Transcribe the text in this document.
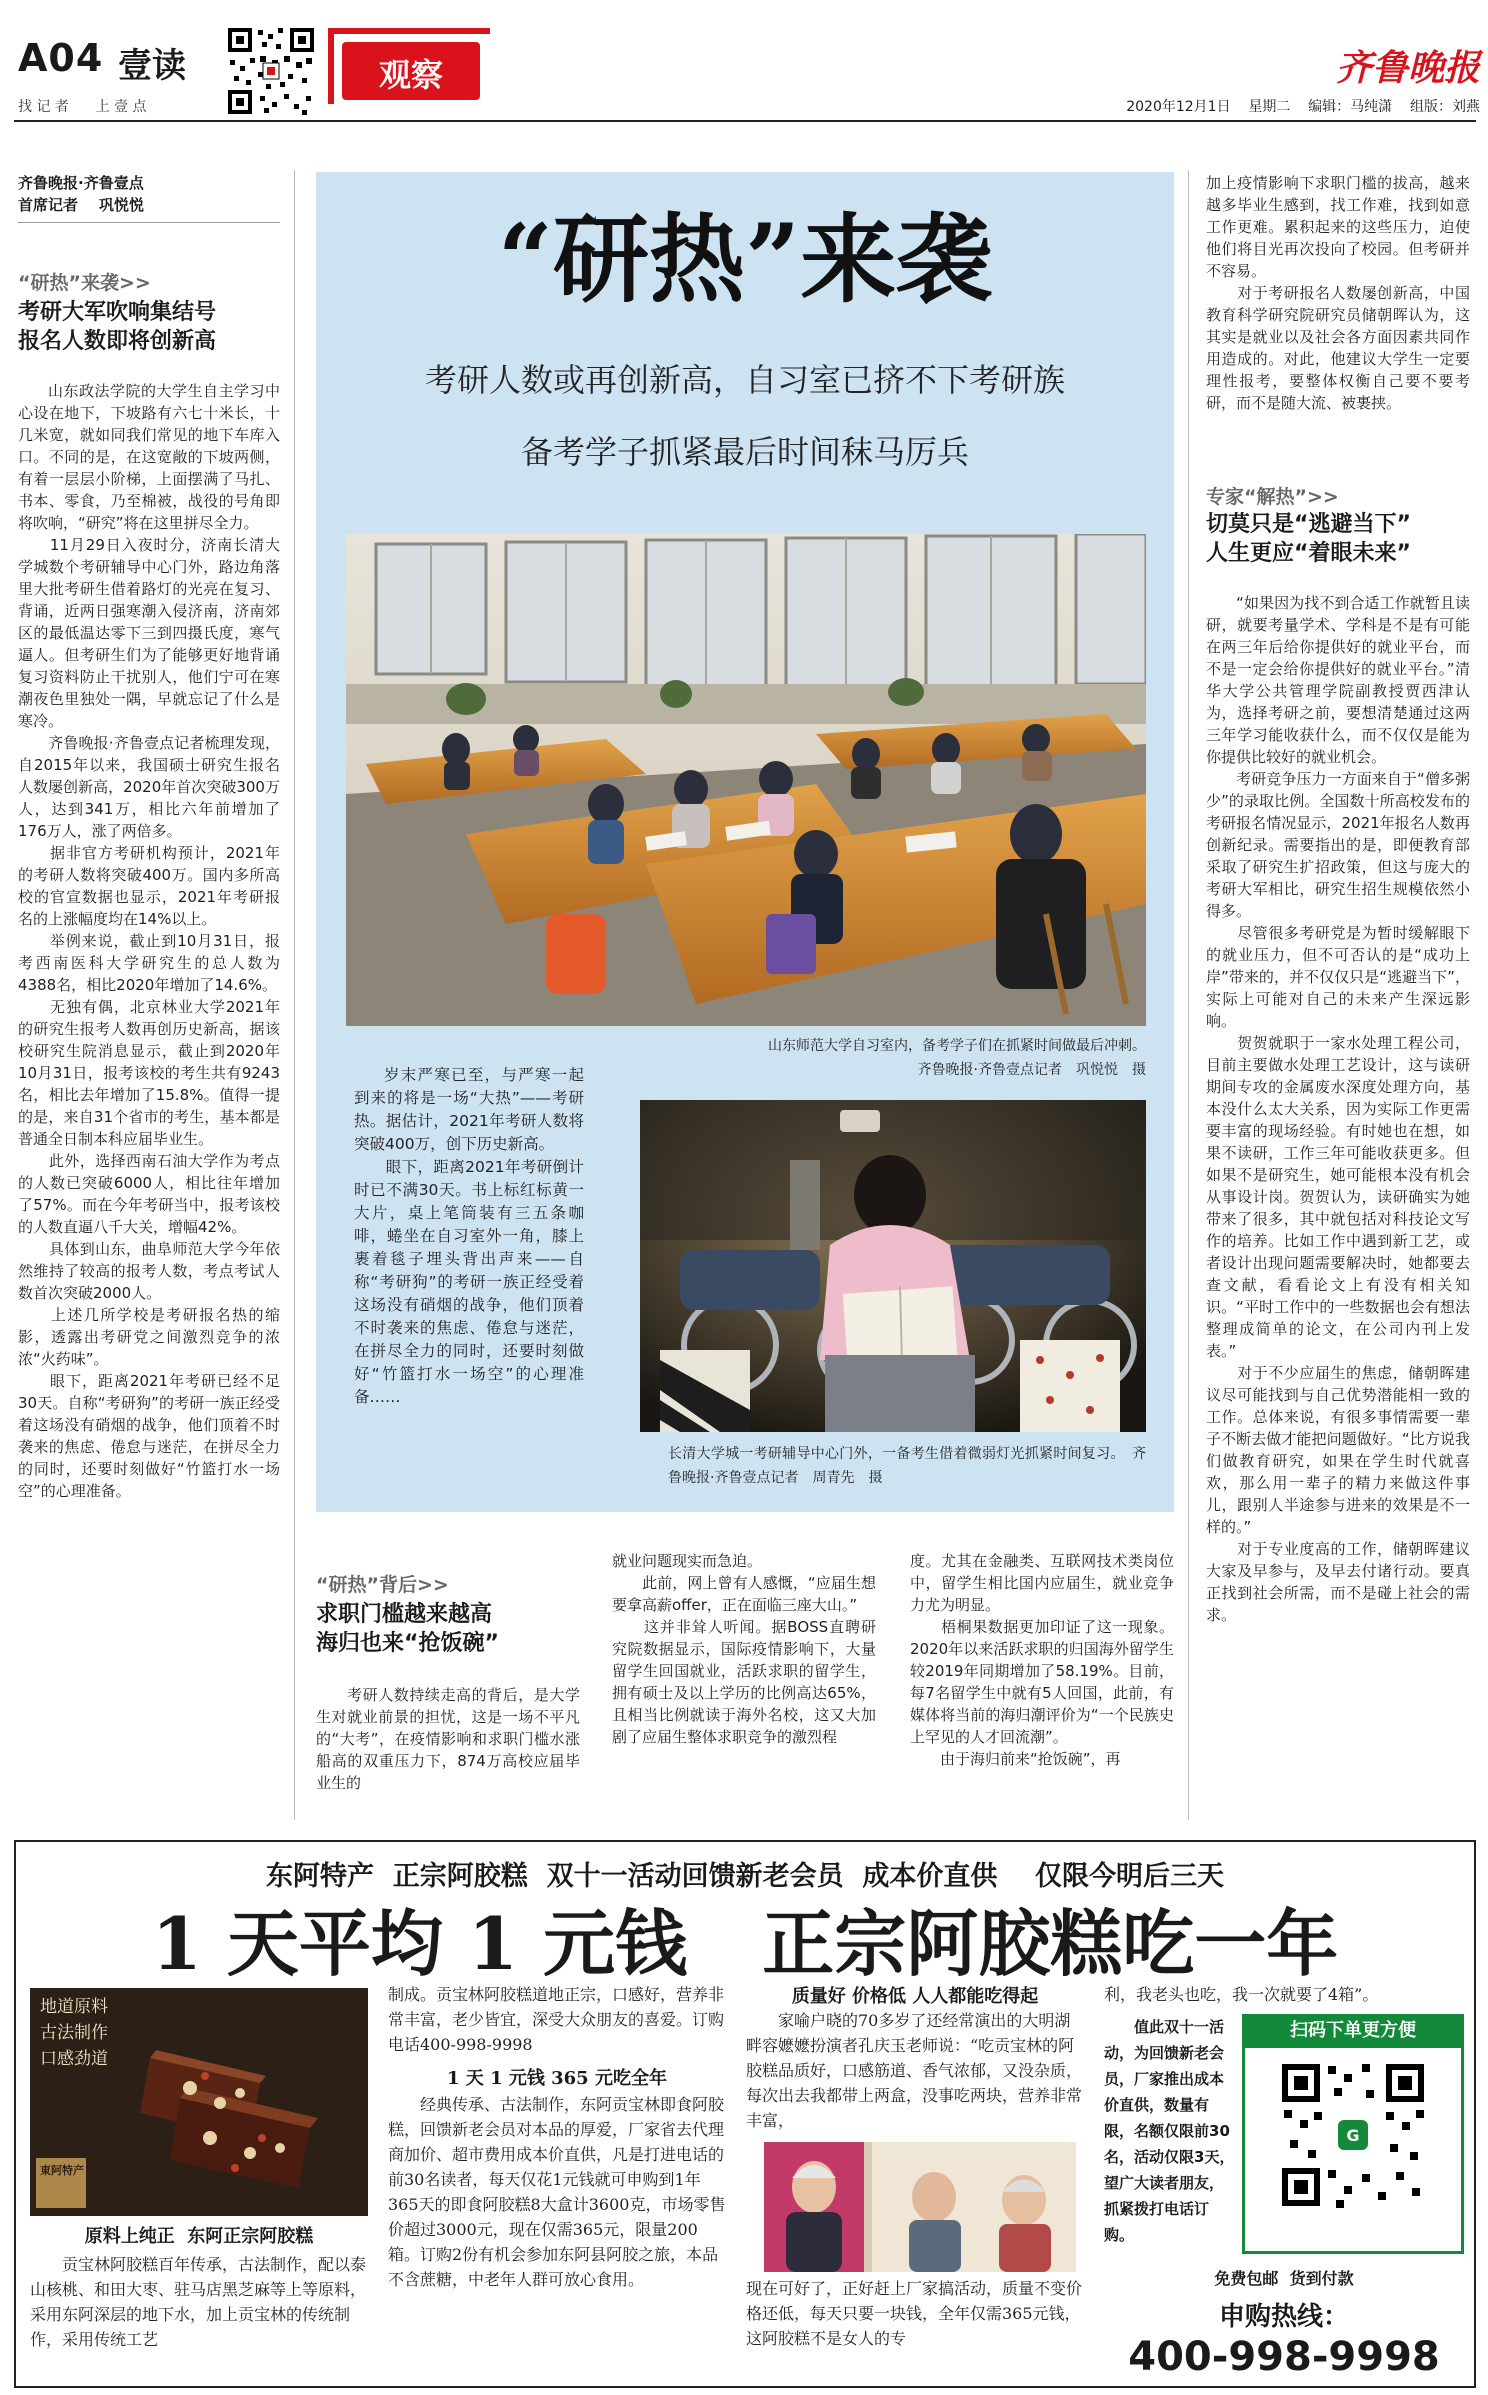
A04 壹读
找 记 者      上 壹 点
观察	齐鲁晚报
2020年12月1日    星期二    编辑：马纯潇    组版：刘燕
齐鲁晚报·齐鲁壹点
首席记者    巩悦悦
“研热”来袭>>
考研大军吹响集结号
报名人数即将创新高
山东政法学院的大学生自主学习中心设在地下，下坡路有六七十米长，十几米宽，就如同我们常见的地下车库入口。不同的是，在这宽敞的下坡两侧，有着一层层小阶梯，上面摆满了马扎、书本、零食，乃至棉被，战役的号角即将吹响，“研究”将在这里拼尽全力。
　　11月29日入夜时分，济南长清大学城数个考研辅导中心门外，路边角落里大批考研生借着路灯的光亮在复习、背诵，近两日强寒潮入侵济南，济南郊区的最低温达零下三到四摄氏度，寒气逼人。但考研生们为了能够更好地背诵复习资料防止干扰别人，他们宁可在寒潮夜色里独处一隅，早就忘记了什么是寒冷。
　　齐鲁晚报·齐鲁壹点记者梳理发现，自2015年以来，我国硕士研究生报名人数屡创新高，2020年首次突破300万人，达到341万，相比六年前增加了176万人，涨了两倍多。
　　据非官方考研机构预计，2021年的考研人数将突破400万。国内多所高校的官宣数据也显示，2021年考研报名的上涨幅度均在14%以上。
　　举例来说，截止到10月31日，报考西南医科大学研究生的总人数为4388名，相比2020年增加了14.6%。
　　无独有偶，北京林业大学2021年的研究生报考人数再创历史新高，据该校研究生院消息显示，截止到2020年10月31日，报考该校的考生共有9243名，相比去年增加了15.8%。值得一提的是，来自31个省市的考生，基本都是普通全日制本科应届毕业生。
　　此外，选择西南石油大学作为考点的人数已突破6000人，相比往年增加了57%。而在今年考研当中，报考该校的人数直逼八千大关，增幅42%。
　　具体到山东，曲阜师范大学今年依然维持了较高的报考人数，考点考试人数首次突破2000人。
　　上述几所学校是考研报名热的缩影，透露出考研党之间激烈竞争的浓浓“火药味”。
　　眼下，距离2021年考研已经不足30天。自称“考研狗”的考研一族正经受着这场没有硝烟的战争，他们顶着不时袭来的焦虑、倦怠与迷茫，在拼尽全力的同时，还要时刻做好“竹篮打水一场空”的心理准备。
“研热”来袭
考研人数或再创新高，自习室已挤不下考研族
备考学子抓紧最后时间秣马厉兵
山东师范大学自习室内，备考学子们在抓紧时间做最后冲刺。
齐鲁晚报·齐鲁壹点记者　巩悦悦　摄
岁末严寒已至，与严寒一起到来的将是一场“大热”——考研热。据估计，2021年考研人数将突破400万，创下历史新高。
　　眼下，距离2021年考研倒计时已不满30天。书上标红标黄一大片，桌上笔筒装有三五条咖啡，蜷坐在自习室外一角，膝上裹着毯子埋头背出声来——自称“考研狗”的考研一族正经受着这场没有硝烟的战争，他们顶着不时袭来的焦虑、倦怠与迷茫，在拼尽全力的同时，还要时刻做好“竹篮打水一场空”的心理准备……
长清大学城一考研辅导中心门外，一备考生借着微弱灯光抓紧时间复习。　齐鲁晚报·齐鲁壹点记者　周青先　摄
“研热”背后>>
求职门槛越来越高
海归也来“抢饭碗”
　　考研人数持续走高的背后，是大学生对就业前景的担忧，这是一场不平凡的“大考”，在疫情影响和求职门槛水涨船高的双重压力下，874万高校应届毕业生的
就业问题现实而急迫。
　　此前，网上曾有人感慨，“应届生想要拿高薪offer，正在面临三座大山。”
　　这并非耸人听闻。据BOSS直聘研究院数据显示，国际疫情影响下，大量留学生回国就业，活跃求职的留学生，拥有硕士及以上学历的比例高达65%，且相当比例就读于海外名校，这又大加剧了应届生整体求职竞争的激烈程
度。尤其在金融类、互联网技术类岗位中，留学生相比国内应届生，就业竞争力尤为明显。
　　梧桐果数据更加印证了这一现象。2020年以来活跃求职的归国海外留学生较2019年同期增加了58.19%。目前，每7名留学生中就有5人回国，此前，有媒体将当前的海归潮评价为“一个民族史上罕见的人才回流潮”。
　　由于海归前来“抢饭碗”，再
加上疫情影响下求职门槛的拔高，越来越多毕业生感到，找工作难，找到如意工作更难。累积起来的这些压力，迫使他们将目光再次投向了校园。但考研并不容易。
　　对于考研报名人数屡创新高，中国教育科学研究院研究员储朝晖认为，这其实是就业以及社会各方面因素共同作用造成的。对此，他建议大学生一定要理性报考，要整体权衡自己要不要考研，而不是随大流、被裹挟。
专家“解热”>>
切莫只是“逃避当下”
人生更应“着眼未来”
　　“如果因为找不到合适工作就暂且读研，就要考量学术、学科是不是有可能在两三年后给你提供好的就业平台，而不是一定会给你提供好的就业平台。”清华大学公共管理学院副教授贾西津认为，选择考研之前，要想清楚通过这两三年学习能收获什么，而不仅仅是能为你提供比较好的就业机会。
　　考研竞争压力一方面来自于“僧多粥少”的录取比例。全国数十所高校发布的考研报名情况显示，2021年报名人数再创新纪录。需要指出的是，即便教育部采取了研究生扩招政策，但这与庞大的考研大军相比，研究生招生规模依然小得多。
　　尽管很多考研党是为暂时缓解眼下的就业压力，但不可否认的是“成功上岸”带来的，并不仅仅只是“逃避当下”，实际上可能对自己的未来产生深远影响。
　　贺贺就职于一家水处理工程公司，目前主要做水处理工艺设计，这与读研期间专攻的金属废水深度处理方向，基本没什么太大关系，因为实际工作更需要丰富的现场经验。有时她也在想，如果不读研，工作三年可能收获更多。但如果不是研究生，她可能根本没有机会从事设计岗。贺贺认为，读研确实为她带来了很多，其中就包括对科技论文写作的培养。比如工作中遇到新工艺，或者设计出现问题需要解决时，她都要去查文献，看看论文上有没有相关知识。“平时工作中的一些数据也会有想法整理成简单的论文，在公司内刊上发表。”
　　对于不少应届生的焦虑，储朝晖建议尽可能找到与自己优势潜能相一致的工作。总体来说，有很多事情需要一辈子不断去做才能把问题做好。“比方说我们做教育研究，如果在学生时代就喜欢，那么用一辈子的精力来做这件事儿，跟别人半途参与进来的效果是不一样的。”
　　对于专业度高的工作，储朝晖建议大家及早参与，及早去付诸行动。要真正找到社会所需，而不是碰上社会的需求。
东阿特产  正宗阿胶糕  双十一活动回馈新老会员  成本价直供    仅限今明后三天
1 天平均 1 元钱   正宗阿胶糕吃一年
地道原料
古法制作
口感劲道
東阿特产
原料上纯正  东阿正宗阿胶糕
　　贡宝林阿胶糕百年传承，古法制作，配以泰山核桃、和田大枣、驻马店黑芝麻等上等原料，采用东阿深层的地下水，加上贡宝林的传统制作，采用传统工艺
制成。贡宝林阿胶糕道地正宗，口感好，营养非常丰富，老少皆宜，深受大众朋友的喜爱。订购电话400-998-9998
1 天 1 元钱 365 元吃全年
　　经典传承、古法制作，东阿贡宝林即食阿胶糕，回馈新老会员对本品的厚爱，厂家省去代理商加价、超市费用成本价直供，凡是打进电话的前30名读者，每天仅花1元钱就可申购到1年365天的即食阿胶糕8大盒计3600克，市场零售价超过3000元，现在仅需365元，限量200箱。订购2份有机会参加东阿县阿胶之旅，本品不含蔗糖，中老年人群可放心食用。
质量好 价格低 人人都能吃得起
　　家喻户晓的70多岁了还经常演出的大明湖畔容嬷嬷扮演者孔庆玉老师说：“吃贡宝林的阿胶糕品质好，口感筋道、香气浓郁，又没杂质，每次出去我都带上两盒，没事吃两块，营养非常丰富，
现在可好了，正好赶上厂家搞活动，质量不变价格还低，每天只要一块钱，全年仅需365元钱，这阿胶糕不是女人的专
利，我老头也吃，我一次就要了4箱”。
　　值此双十一活动，为回馈新老会员，厂家推出成本价直供，数量有限，名额仅限前30名，活动仅限3天，望广大读者朋友，抓紧拨打电话订购。
扫码下单更方便
G
免费包邮  货到付款
申购热线：
400-998-9998
